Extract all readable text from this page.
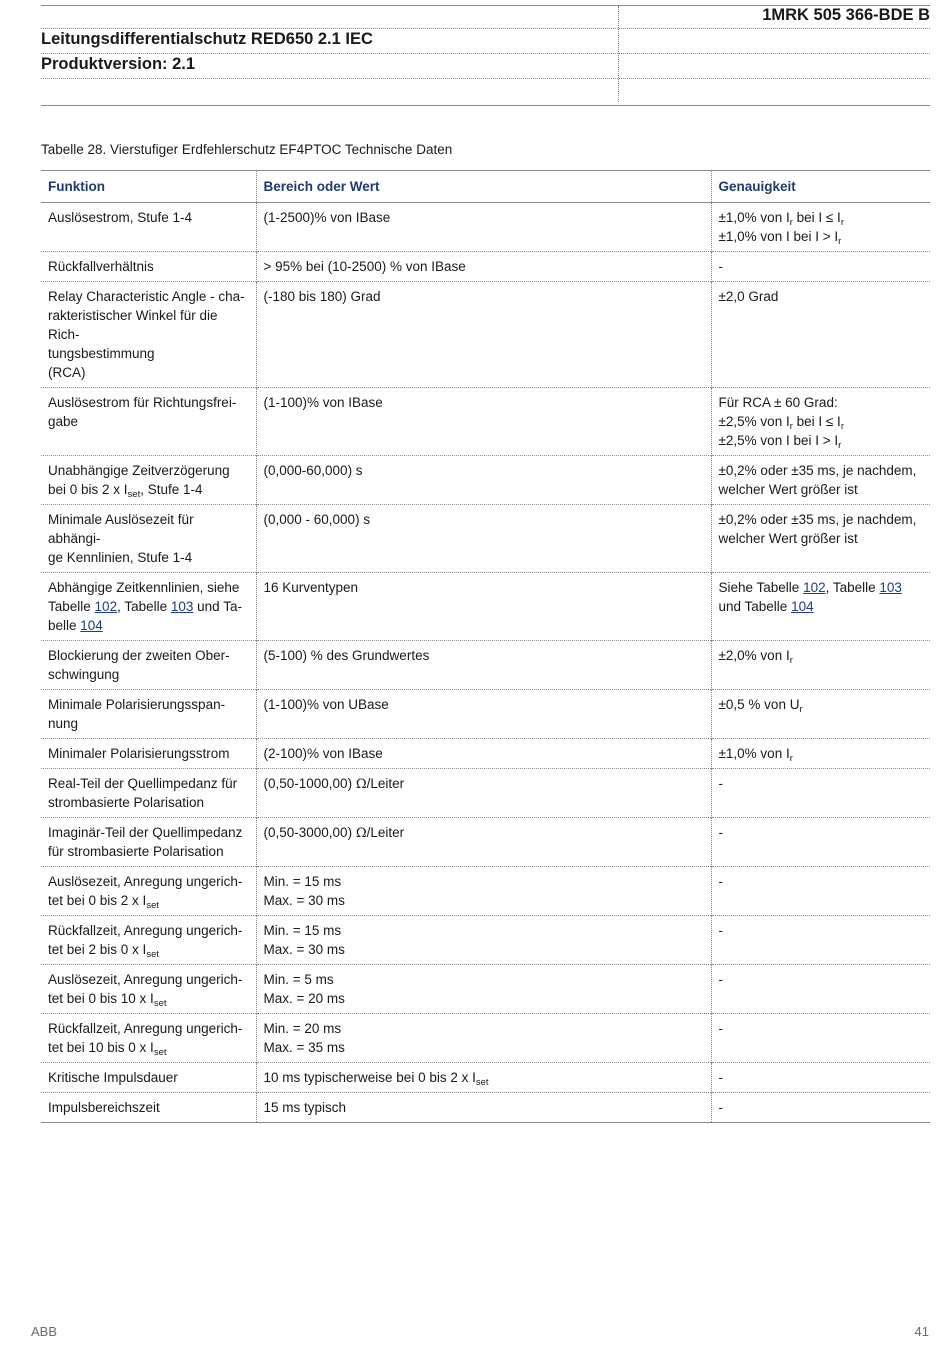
1MRK 505 366-BDE B
Leitungsdifferentialschutz RED650 2.1 IEC
Produktversion: 2.1
Tabelle 28. Vierstufiger Erdfehlerschutz EF4PTOC Technische Daten
Funktion	Bereich oder Wert	Genauigkeit
Auslösestrom, Stufe 1-4	(1-2500)% von IBase	±1,0% von $I_r$ bei $I \le I_r$
±1,0% von I bei $I > I_r$

Rückfallverhältnis	> 95% bei (10-2500) % von IBase	-

Relay Characteristic Angle - cha-
rakteristischer Winkel für die Rich-
tungsbestimmung
(RCA)	(-180 bis 180) Grad	±2,0 Grad

Auslösestrom für Richtungsfrei-
gabe	(1-100)% von IBase	Für RCA ± 60 Grad:
±2,5% von $I_r$ bei $I \le I_r$
±2,5% von I bei $I > I_r$

Unabhängige Zeitverzögerung
bei 0 bis 2 x $I_{set}$, Stufe 1-4	(0,000-60,000) s	±0,2% oder ±35 ms, je nachdem,
welcher Wert größer ist

Minimale Auslösezeit für abhängi-
ge Kennlinien, Stufe 1-4	(0,000 - 60,000) s	±0,2% oder ±35 ms, je nachdem,
welcher Wert größer ist

Abhängige Zeitkennlinien, siehe
Tabelle 102, Tabelle 103 und Ta-
belle 104	16 Kurventypen	Siehe Tabelle 102, Tabelle 103
und Tabelle 104

Blockierung der zweiten Ober-
schwingung	(5-100) % des Grundwertes	±2,0% von $I_r$

Minimale Polarisierungsspan-
nung	(1-100)% von UBase	±0,5 % von $U_r$
Minimaler Polarisierungsstrom	(2-100)% von IBase	±1,0% von $I_r$

Real-Teil der Quellimpedanz für
strombasierte Polarisation	(0,50-1000,00) Ω/Leiter	-

Imaginär-Teil der Quellimpedanz
für strombasierte Polarisation	(0,50-3000,00) Ω/Leiter	-

Auslösezeit, Anregung ungerich-
tet bei 0 bis 2 x $I_{set}$	Min. = 15 ms
Max. = 30 ms	-

Rückfallzeit, Anregung ungerich-
tet bei 2 bis 0 x $I_{set}$	Min. = 15 ms
Max. = 30 ms	-

Auslösezeit, Anregung ungerich-
tet bei 0 bis 10 x $I_{set}$	Min. = 5 ms
Max. = 20 ms	-

Rückfallzeit, Anregung ungerich-
tet bei 10 bis 0 x $I_{set}$	Min. = 20 ms
Max. = 35 ms	-
Kritische Impulsdauer	10 ms typischerweise bei 0 bis 2 x $I_{set}$	-
Impulsbereichszeit	15 ms typisch	-
ABB	41
